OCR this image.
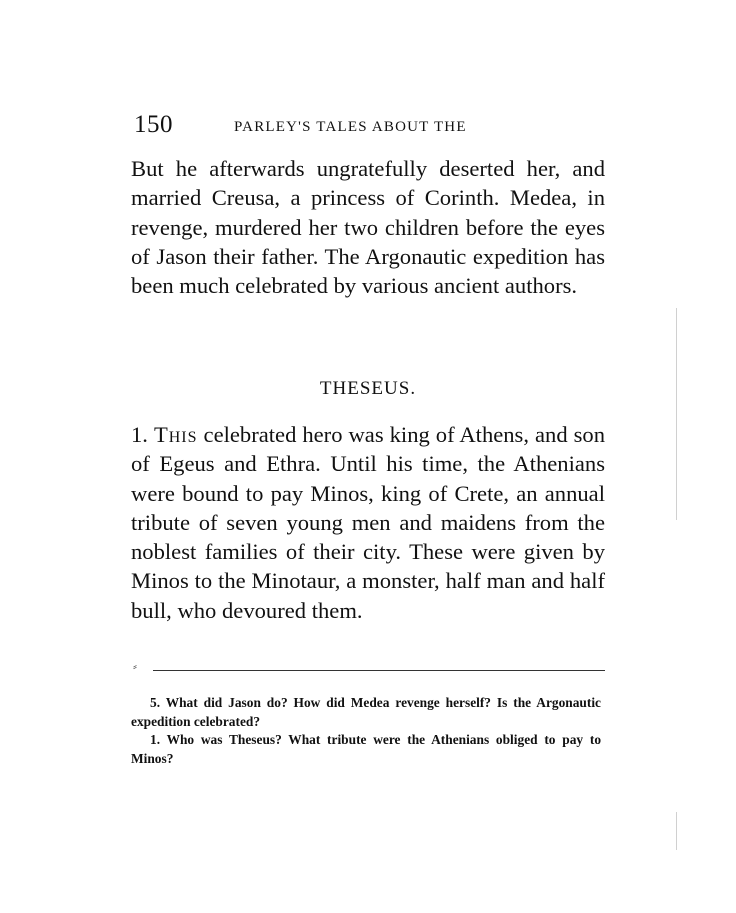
150	PARLEY'S TALES ABOUT THE

But he afterwards ungratefully deserted her, and married Creusa, a princess of Corinth. Medea, in revenge, murdered her two children before the eyes of Jason their father. The Argonautic expedition has been much celebrated by various ancient authors.

THESEUS.

1. This celebrated hero was king of Athens, and son of Egeus and Ethra. Until his time, the Athenians were bound to pay Minos, king of Crete, an annual tribute of seven young men and maidens from the noblest families of their city. These were given by Minos to the Minotaur, a monster, half man and half bull, who devoured them.

⸗

5. What did Jason do? How did Medea revenge herself? Is the Argonautic expedition celebrated?

1. Who was Theseus? What tribute were the Athenians obliged to pay to Minos?
